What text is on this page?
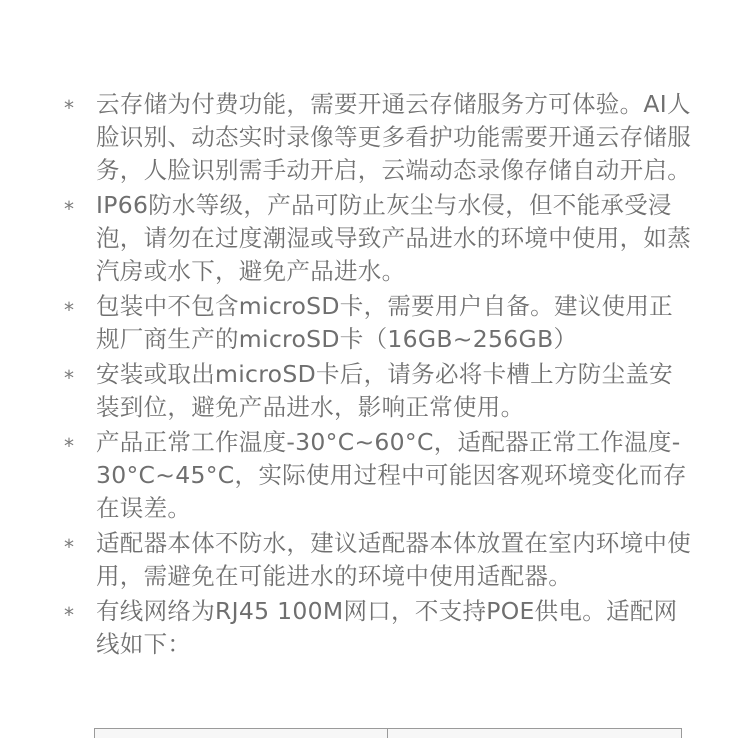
* 云存储为付费功能，需要开通云存储服务方可体验。AI人脸识别、动态实时录像等更多看护功能需要开通云存储服务，人脸识别需手动开启，云端动态录像存储自动开启。
* IP66防水等级，产品可防止灰尘与水侵，但不能承受浸泡，请勿在过度潮湿或导致产品进水的环境中使用，如蒸汽房或水下，避免产品进水。
* 包装中不包含microSD卡，需要用户自备。建议使用正规厂商生产的microSD卡（16GB~256GB）
* 安装或取出microSD卡后，请务必将卡槽上方防尘盖安装到位，避免产品进水，影响正常使用。
* 产品正常工作温度-30°C~60°C，适配器正常工作温度-30°C~45°C，实际使用过程中可能因客观环境变化而存在误差。
* 适配器本体不防水，建议适配器本体放置在室内环境中使用，需避免在可能进水的环境中使用适配器。
* 有线网络为RJ45 100M网口，不支持POE供电。适配网线如下：
